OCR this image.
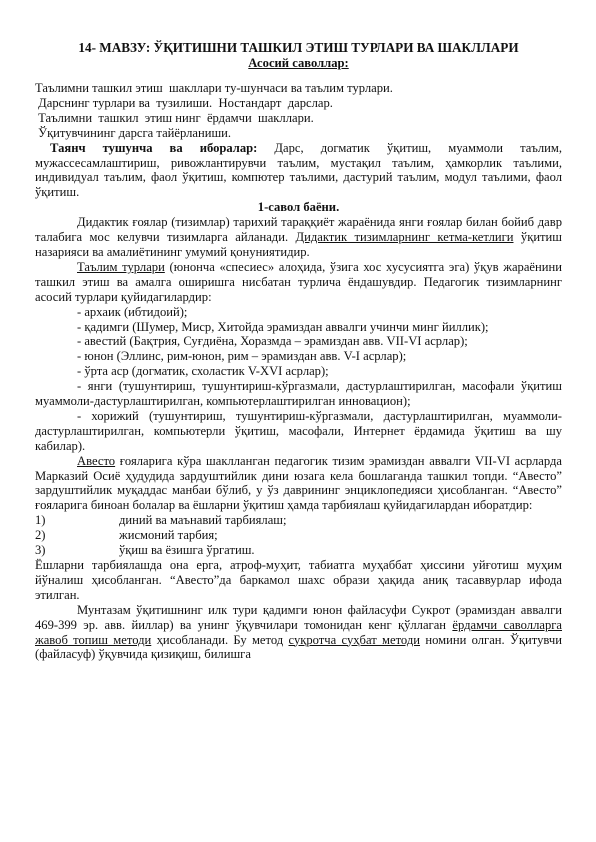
14- МАВЗУ: ЎҚИТИШНИ ТАШКИЛ ЭТИШ ТУРЛАРИ ВА ШАКЛЛАРИ

Асосий саволлар:

Таълимни ташкил этиш  шакллари ту-шунчаси ва таълим турлари.

Дарснинг турлари ва  тузилиши.  Ностандарт  дарслар.

Таълимни  ташкил  этиш нинг  ёрдамчи  шакллари.

Ўқитувчининг дарсга тайёрланиши.

Таянч тушунча ва иборалар: Дарс, догматик ўқитиш, муаммоли таълим, мужассесамлаштириш, ривожлантирувчи таълим, мустақил таълим, ҳамкорлик таълими, индивидуал таълим, фаол ўқитиш, компютер таълими, дастурий таълим, модул таълими, фаол ўқитиш.

1-савол баёни.

Дидактик ғоялар (тизимлар) тарихий тараққиёт жараёнида янги ғоялар билан бойиб давр талабига мос келувчи тизимларга айланади. Дидактик тизимларнинг кетма-кетлиги ўқитиш назарияси ва амалиётининг умумий қонуниятидир.

Таълим турлари (юнонча «спесиес» алоҳида, ўзига хос хусусиятга эга) ўқув жараёнини ташкил этиш ва амалга оширишга нисбатан турлича ёндашувдир. Педагогик тизимларнинг асосий турлари қуйидагилардир:

- архаик (ибтидоий);

- қадимги (Шумер, Миср, Хитойда эрамиздан аввалги учинчи минг йиллик);

- авестий (Бақтрия, Суғдиёна, Хоразмда – эрамиздан авв. VII-VI асрлар);

- юнон (Эллинс, рим-юнон, рим – эрамиздан авв. V-I асрлар);

- ўрта аср (догматик, схоластик V-XVI асрлар);

- янги (тушунтириш, тушунтириш-кўргазмали, дастурлаштирилган, масофали ўқитиш муаммоли-дастурлаштирилган, компьютерлаштирилган инновацион);

- хорижий (тушунтириш, тушунтириш-кўргазмали, дастурлаштирилган, муаммоли-дастурлаштирилган, компьютерли ўқитиш, масофали, Интернет ёрдамида ўқитиш ва шу кабилар).

Авесто ғояларига кўра шаклланган педагогик тизим эрамиздан аввалги VII-VI асрларда Марказий Осиё ҳудудида зардуштийлик дини юзага кела бошлаганда ташкил топди. “Авесто” зардуштийлик муқаддас манбаи бўлиб, у ўз даврининг энциклопедияси ҳисобланган. “Авесто” ғояларига биноан болалар ва ёшларни ўқитиш ҳамда тарбиялаш қуйидагилардан иборатдир:

1)	диний ва маънавий тарбиялаш;
2)	жисмоний тарбия;
3)	ўқиш ва ёзишга ўргатиш.

Ёшларни тарбиялашда она ерга, атроф-муҳит, табиатга муҳаббат ҳиссини уйғотиш муҳим йўналиш ҳисобланган. “Авесто”да баркамол шахс образи ҳақида аниқ тасаввурлар ифода этилган.

Мунтазам ўқитишнинг илк тури қадимги юнон файласуфи Сукрот (эрамиздан аввалги 469-399 эр. авв. йиллар) ва унинг ўқувчилари томонидан кенг қўллаган ёрдамчи саволларга жавоб топиш методи ҳисобланади. Бу метод суқротча суҳбат методи номини олган. Ўқитувчи (файласуф) ўқувчида қизиқиш, билишга
